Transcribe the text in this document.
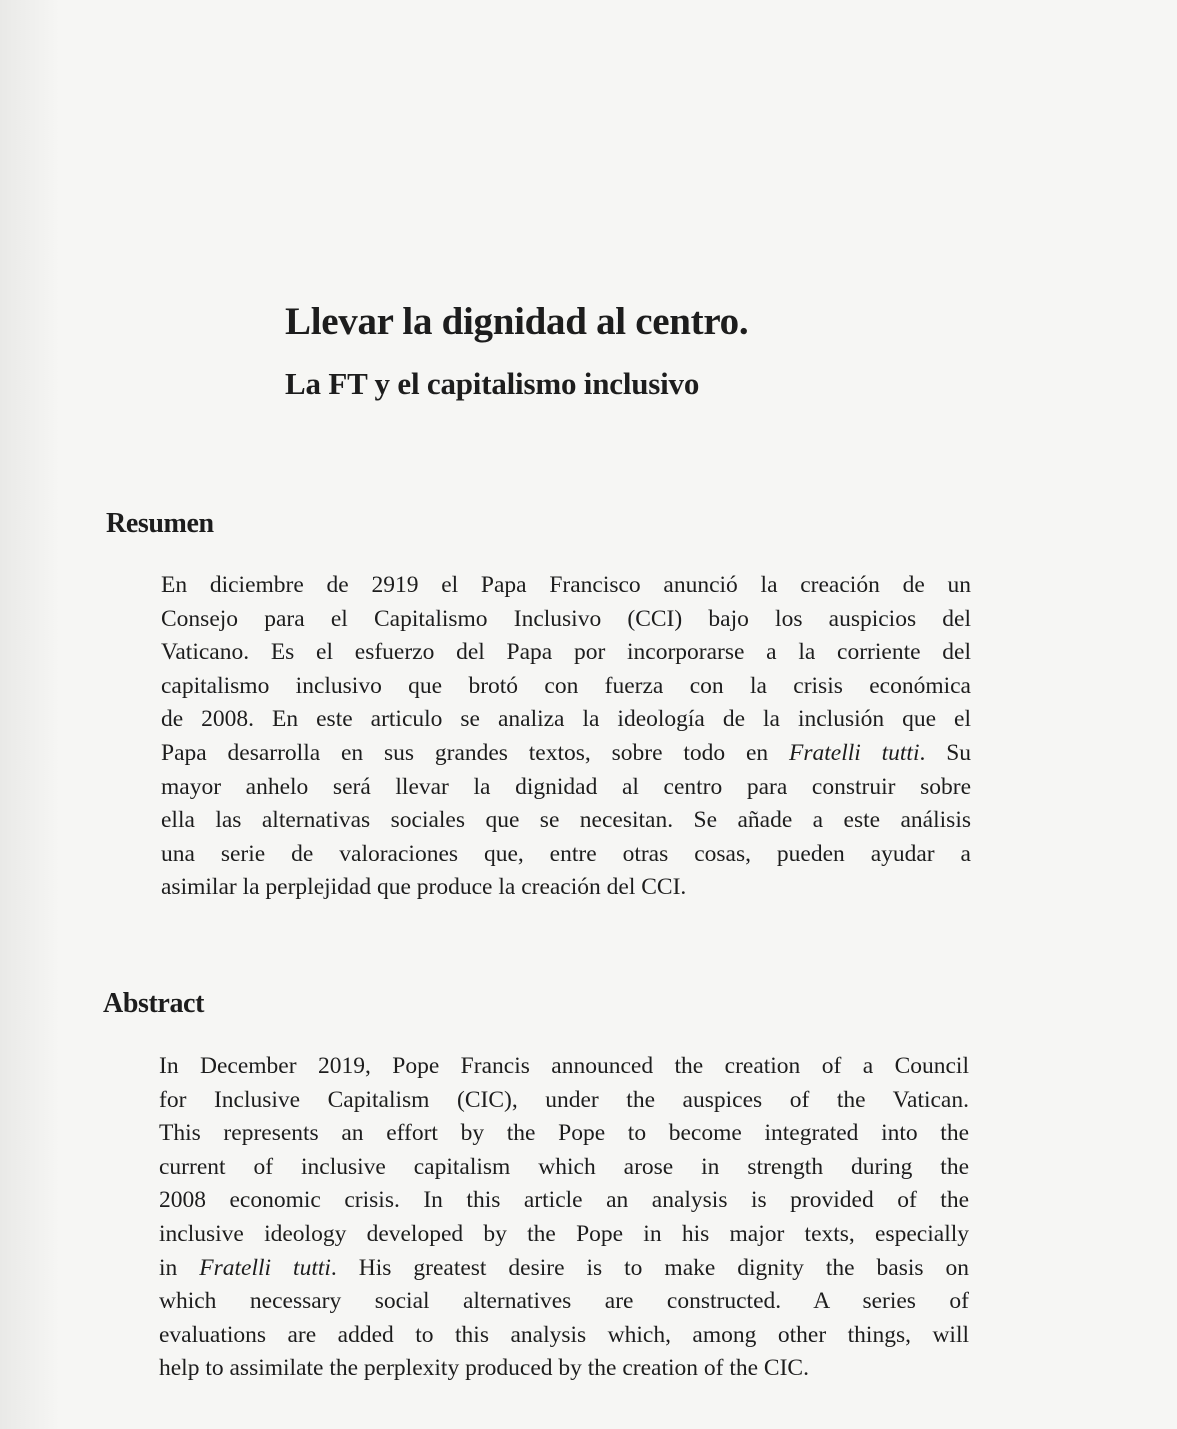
Llevar la dignidad al centro.
La FT y el capitalismo inclusivo
Resumen

En diciembre de 2919 el Papa Francisco anunció la creación de un
Consejo para el Capitalismo Inclusivo (CCI) bajo los auspicios del
Vaticano. Es el esfuerzo del Papa por incorporarse a la corriente del
capitalismo inclusivo que brotó con fuerza con la crisis económica
de 2008. En este articulo se analiza la ideología de la inclusión que el
Papa desarrolla en sus grandes textos, sobre todo en Fratelli tutti. Su
mayor anhelo será llevar la dignidad al centro para construir sobre
ella las alternativas sociales que se necesitan. Se añade a este análisis
una serie de valoraciones que, entre otras cosas, pueden ayudar a
asimilar la perplejidad que produce la creación del CCI.

Abstract

In December 2019, Pope Francis announced the creation of a Council
for Inclusive Capitalism (CIC), under the auspices of the Vatican.
This represents an effort by the Pope to become integrated into the
current of inclusive capitalism which arose in strength during the
2008 economic crisis. In this article an analysis is provided of the
inclusive ideology developed by the Pope in his major texts, especially
in Fratelli tutti. His greatest desire is to make dignity the basis on
which necessary social alternatives are constructed. A series of
evaluations are added to this analysis which, among other things, will
help to assimilate the perplexity produced by the creation of the CIC.
